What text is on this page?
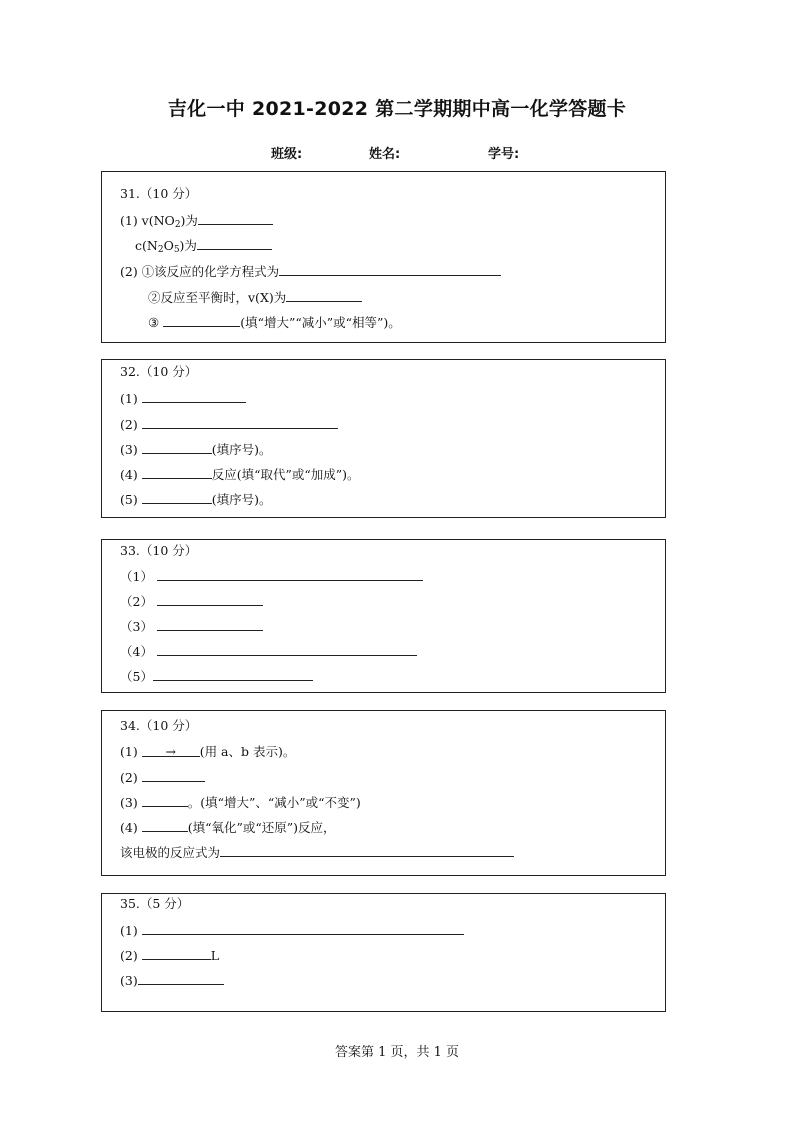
吉化一中 2021-2022 第二学期期中高一化学答题卡
班级:	姓名:	学号:
31.（10 分）
(1) $v(NO_2)$为
$c(N_2O_5)$为
(2) ①该反应的化学方程式为
②反应至平衡时，v(X)为
③	(填“增大”“减小”或“相等”)。
32.（10 分）
(1)
(2)
(3)	(填序号)。
(4)	反应(填“取代”或“加成”)。
(5)	(填序号)。
33.（10 分）
（1）
（2）
（3）
（4）
（5）
34.（10 分）
(1) → (用 a、b 表示)。
(2)
(3)	。(填“增大”、“减小”或“不变”)
(4)	(填“氧化”或“还原”)反应，
该电极的反应式为
35.（5 分）
(1)
(2)	L
(3)
答案第 1 页，共 1 页
